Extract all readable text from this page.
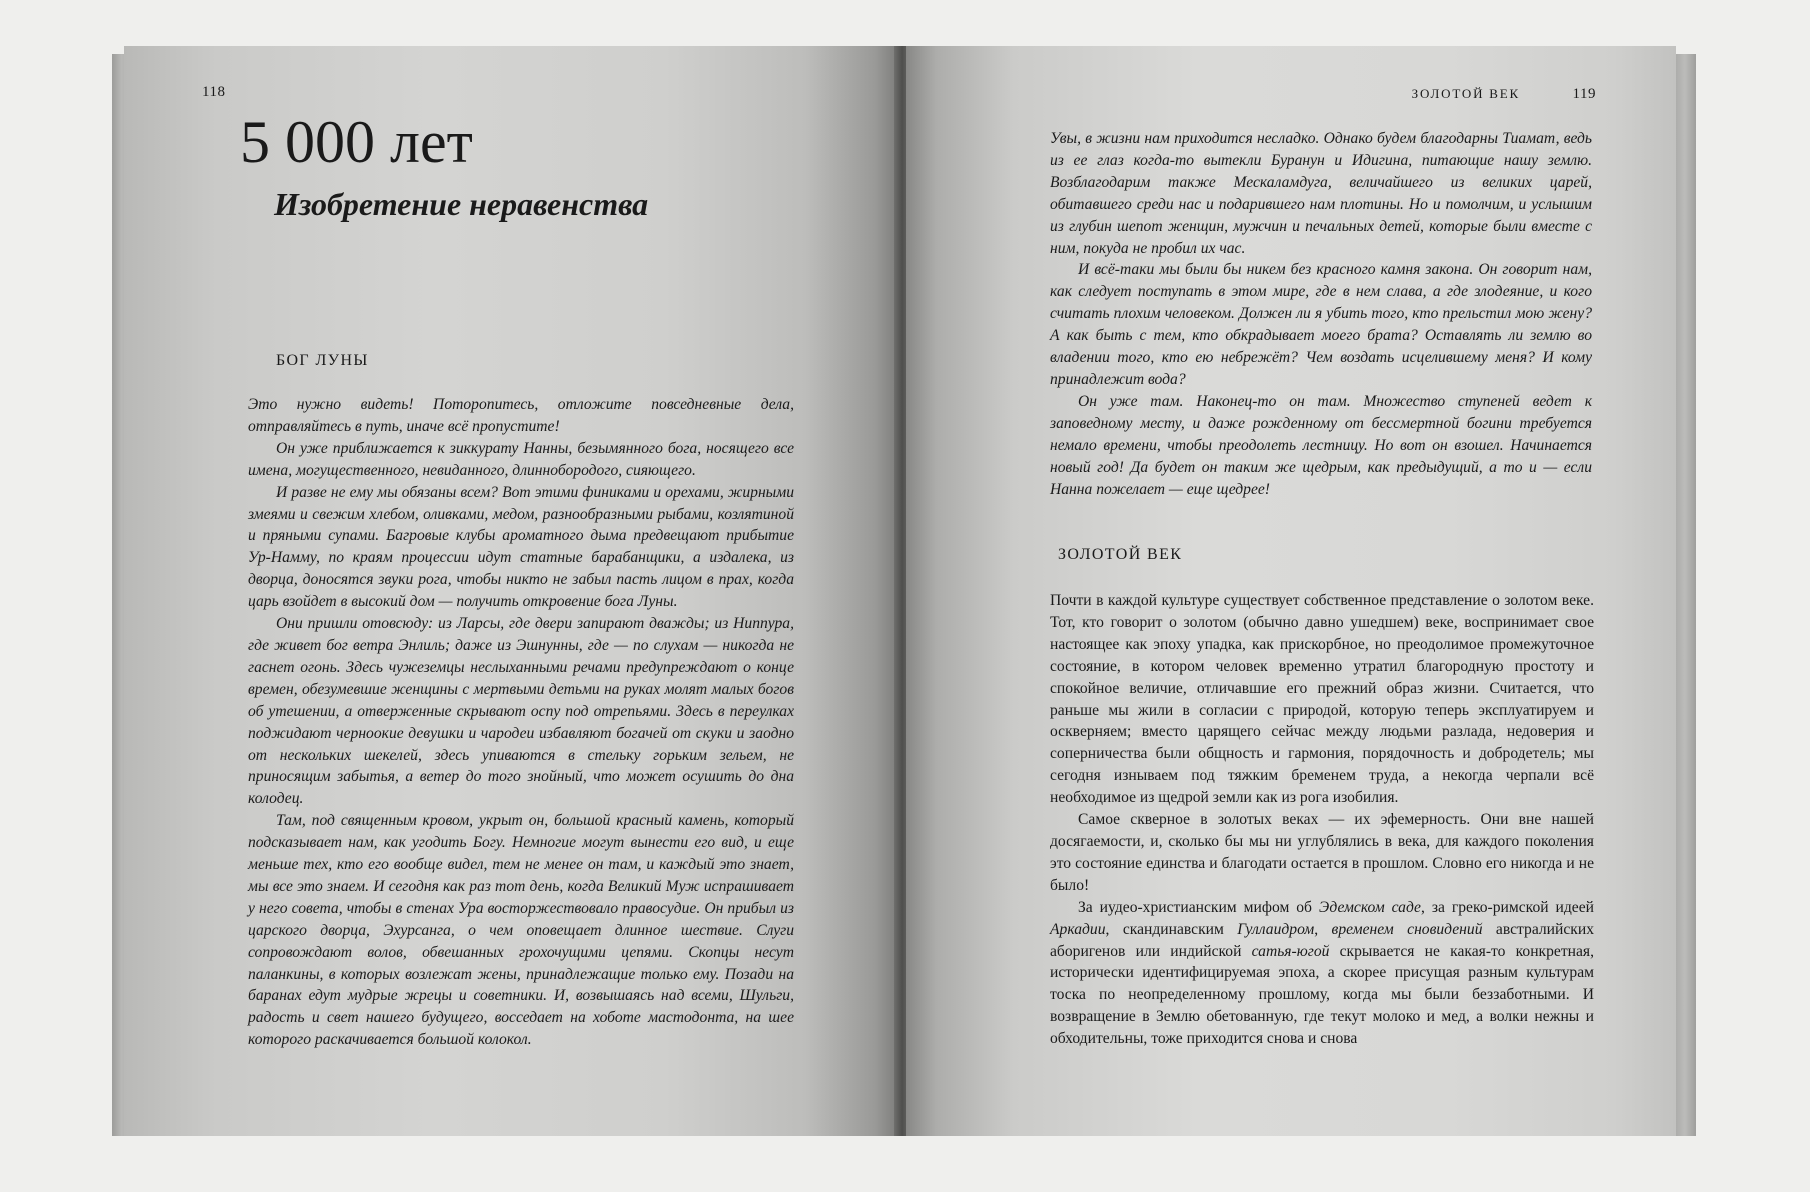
118
5 000 лет
Изобретение неравенства
БОГ ЛУНЫ

Это нужно видеть! Поторопитесь, отложите повседневные дела, отправляйтесь в путь, иначе всё пропустите!

Он уже приближается к зиккурату Нанны, безымянного бога, носящего все имена, могущественного, невиданного, длиннобородого, сияющего.

И разве не ему мы обязаны всем? Вот этими финиками и орехами, жирными змеями и свежим хлебом, оливками, медом, разнообразными рыбами, козлятиной и пряными супами. Багровые клубы ароматного дыма предвещают прибытие Ур-Намму, по краям процессии идут статные барабанщики, а издалека, из дворца, доносятся звуки рога, чтобы никто не забыл пасть лицом в прах, когда царь взойдет в высокий дом — получить откровение бога Луны.

Они пришли отовсюду: из Ларсы, где двери запирают дважды; из Ниппура, где живет бог ветра Энлиль; даже из Эшнунны, где — по слухам — никогда не гаснет огонь. Здесь чужеземцы неслыханными речами предупреждают о конце времен, обезумевшие женщины с мертвыми детьми на руках молят малых богов об утешении, а отверженные скрывают оспу под отрепьями. Здесь в переулках поджидают черноокие девушки и чародеи избавляют богачей от скуки и заодно от нескольких шекелей, здесь упиваются в стельку горьким зельем, не приносящим забытья, а ветер до того знойный, что может осушить до дна колодец.

Там, под священным кровом, укрыт он, большой красный камень, который подсказывает нам, как угодить Богу. Немногие могут вынести его вид, и еще меньше тех, кто его вообще видел, тем не менее он там, и каждый это знает, мы все это знаем. И сегодня как раз тот день, когда Великий Муж испрашивает у него совета, чтобы в стенах Ура восторжествовало правосудие. Он прибыл из царского дворца, Эхурсанга, о чем оповещает длинное шествие. Слуги сопровождают волов, обвешанных грохочущими цепями. Скопцы несут паланкины, в которых возлежат жены, принадлежащие только ему. Позади на баранах едут мудрые жрецы и советники. И, возвышаясь над всеми, Шульги, радость и свет нашего будущего, восседает на хоботе мастодонта, на шее которого раскачивается большой колокол.

ЗОЛОТОЙ ВЕК	119

Увы, в жизни нам приходится несладко. Однако будем благодарны Тиамат, ведь из ее глаз когда-то вытекли Буранун и Идигина, питающие нашу землю. Возблагодарим также Мескаламдуга, величайшего из великих царей, обитавшего среди нас и подарившего нам плотины. Но и помолчим, и услышим из глубин шепот женщин, мужчин и печальных детей, которые были вместе с ним, покуда не пробил их час.

И всё-таки мы были бы никем без красного камня закона. Он говорит нам, как следует поступать в этом мире, где в нем слава, а где злодеяние, и кого считать плохим человеком. Должен ли я убить того, кто прельстил мою жену? А как быть с тем, кто обкрадывает моего брата? Оставлять ли землю во владении того, кто ею небрежёт? Чем воздать исцелившему меня? И кому принадлежит вода?

Он уже там. Наконец-то он там. Множество ступеней ведет к заповедному месту, и даже рожденному от бессмертной богини требуется немало времени, чтобы преодолеть лестницу. Но вот он взошел. Начинается новый год! Да будет он таким же щедрым, как предыдущий, а то и — если Нанна пожелает — еще щедрее!

ЗОЛОТОЙ ВЕК

Почти в каждой культуре существует собственное представление о золотом веке. Тот, кто говорит о золотом (обычно давно ушедшем) веке, воспринимает свое настоящее как эпоху упадка, как прискорбное, но преодолимое промежуточное состояние, в котором человек временно утратил благородную простоту и спокойное величие, отличавшие его прежний образ жизни. Считается, что раньше мы жили в согласии с природой, которую теперь эксплуатируем и оскверняем; вместо царящего сейчас между людьми разлада, недоверия и соперничества были общность и гармония, порядочность и добродетель; мы сегодня изнываем под тяжким бременем труда, а некогда черпали всё необходимое из щедрой земли как из рога изобилия.

Самое скверное в золотых веках — их эфемерность. Они вне нашей досягаемости, и, сколько бы мы ни углублялись в века, для каждого поколения это состояние единства и благодати остается в прошлом. Словно его никогда и не было!

За иудео-христианским мифом об Эдемском саде, за греко-римской идеей Аркадии, скандинавским Гуллаидром, временем сновидений австралийских аборигенов или индийской сатья-югой скрывается не какая-то конкретная, исторически идентифицируемая эпоха, а скорее присущая разным культурам тоска по неопределенному прошлому, когда мы были беззаботными. И возвращение в Землю обетованную, где текут молоко и мед, а волки нежны и обходительны, тоже приходится снова и снова
